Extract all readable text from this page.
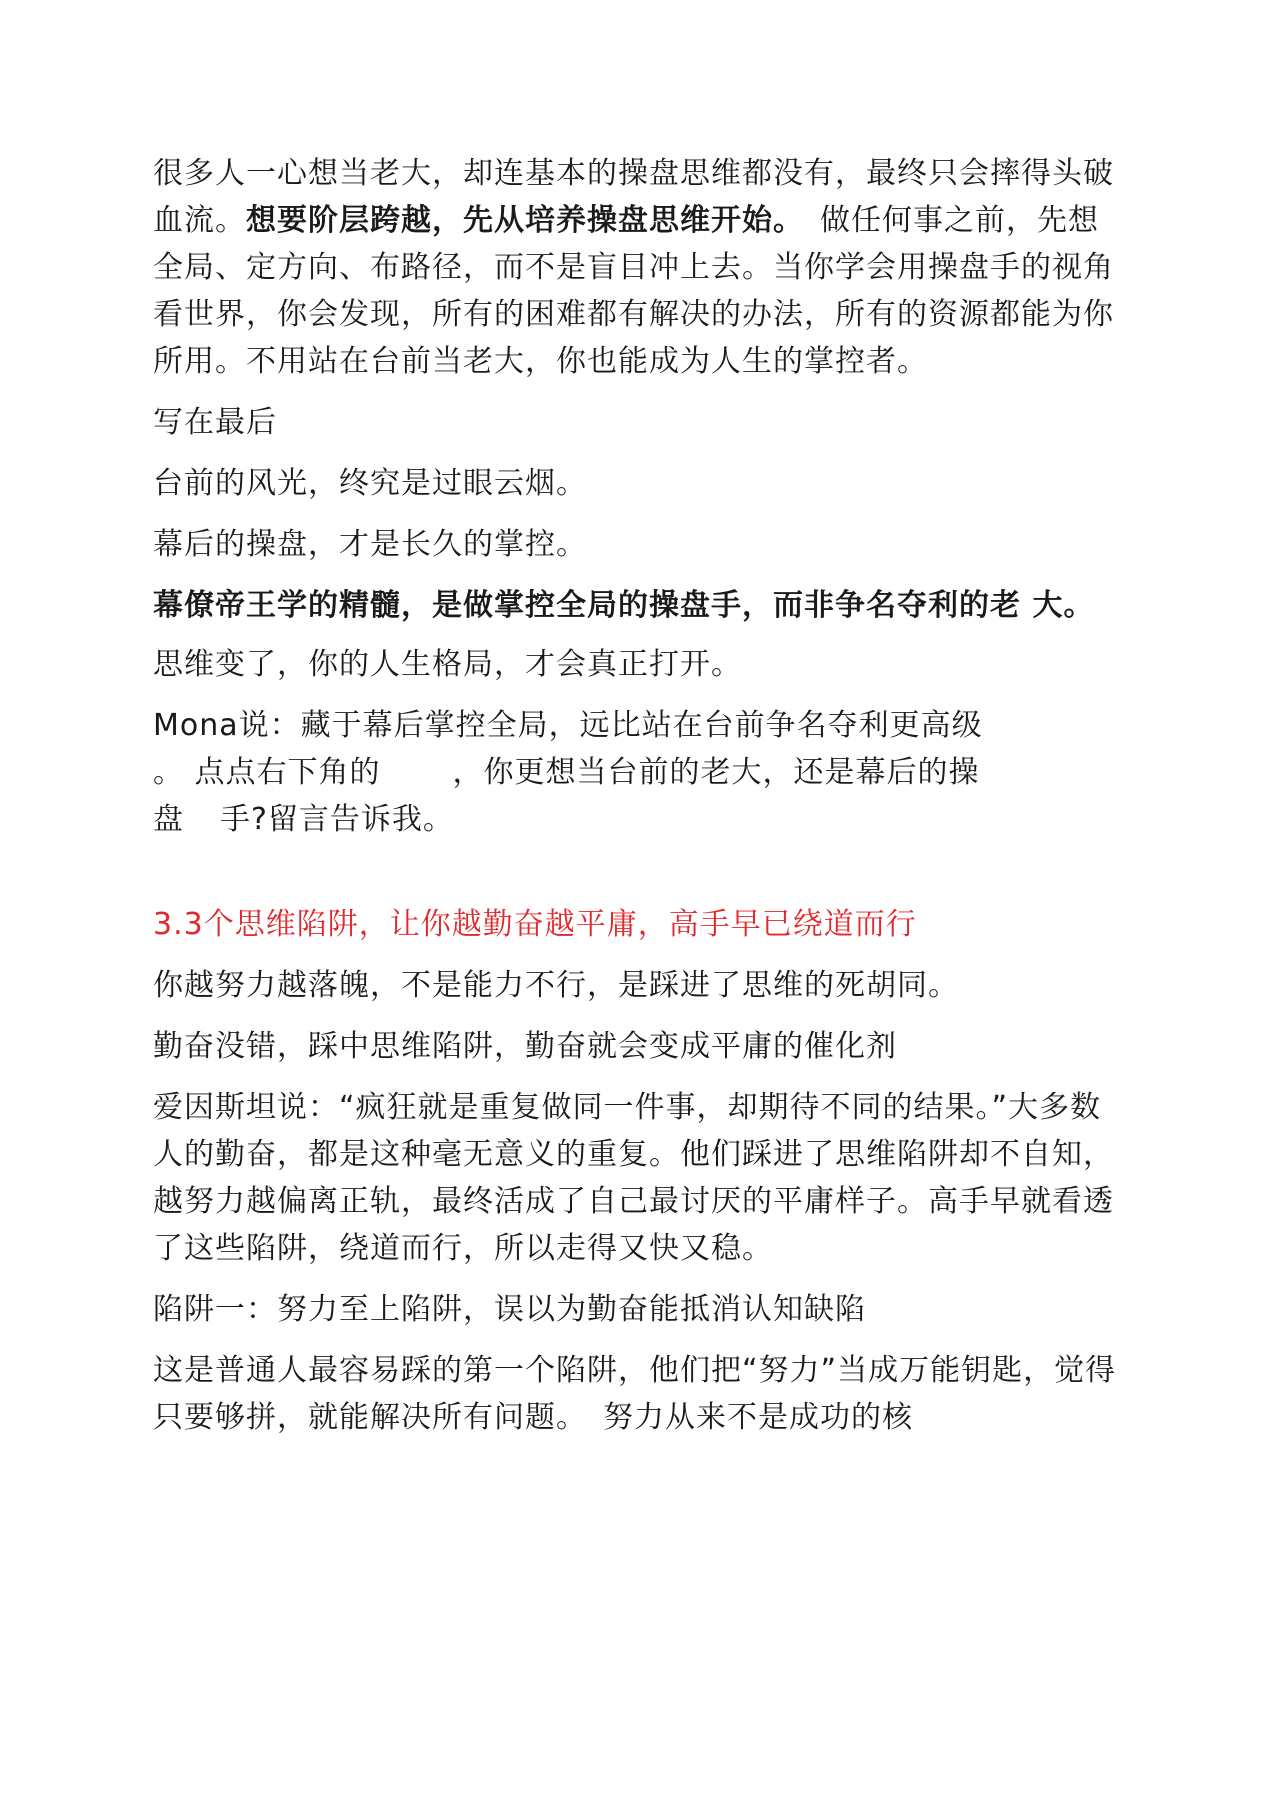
很多人一心想当老大，却连基本的操盘思维都没有，最终只会摔得头破血流。想要阶层跨越，先从培养操盘思维开始。　做任何事之前，先想全局、定方向、布路径，而不是盲目冲上去。当你学会用操盘手的视角看世界，你会发现，所有的困难都有解决的办法，所有的资源都能为你所用。不用站在台前当老大，你也能成为人生的掌控者。

写在最后

台前的风光，终究是过眼云烟。

幕后的操盘，才是长久的掌控。

幕僚帝王学的精髓，是做掌控全局的操盘手，而非争名夺利的老 大。

思维变了，你的人生格局，才会真正打开。

Mona说：藏于幕后掌控全局，远比站在台前争名夺利更高级
。 点点右下角的 ，你更想当台前的老大，还是幕后的操
盘 手?留言告诉我。

3.3个思维陷阱，让你越勤奋越平庸，高手早已绕道而行

你越努力越落魄，不是能力不行，是踩进了思维的死胡同。

勤奋没错，踩中思维陷阱，勤奋就会变成平庸的催化剂

爱因斯坦说：“疯狂就是重复做同一件事，却期待不同的结果。”大多数人的勤奋，都是这种毫无意义的重复。他们踩进了思维陷阱却不自知，越努力越偏离正轨，最终活成了自己最讨厌的平庸样子。高手早就看透了这些陷阱，绕道而行，所以走得又快又稳。

陷阱一：努力至上陷阱，误以为勤奋能抵消认知缺陷

这是普通人最容易踩的第一个陷阱，他们把“努力”当成万能钥匙，觉得只要够拼，就能解决所有问题。　努力从来不是成功的核
